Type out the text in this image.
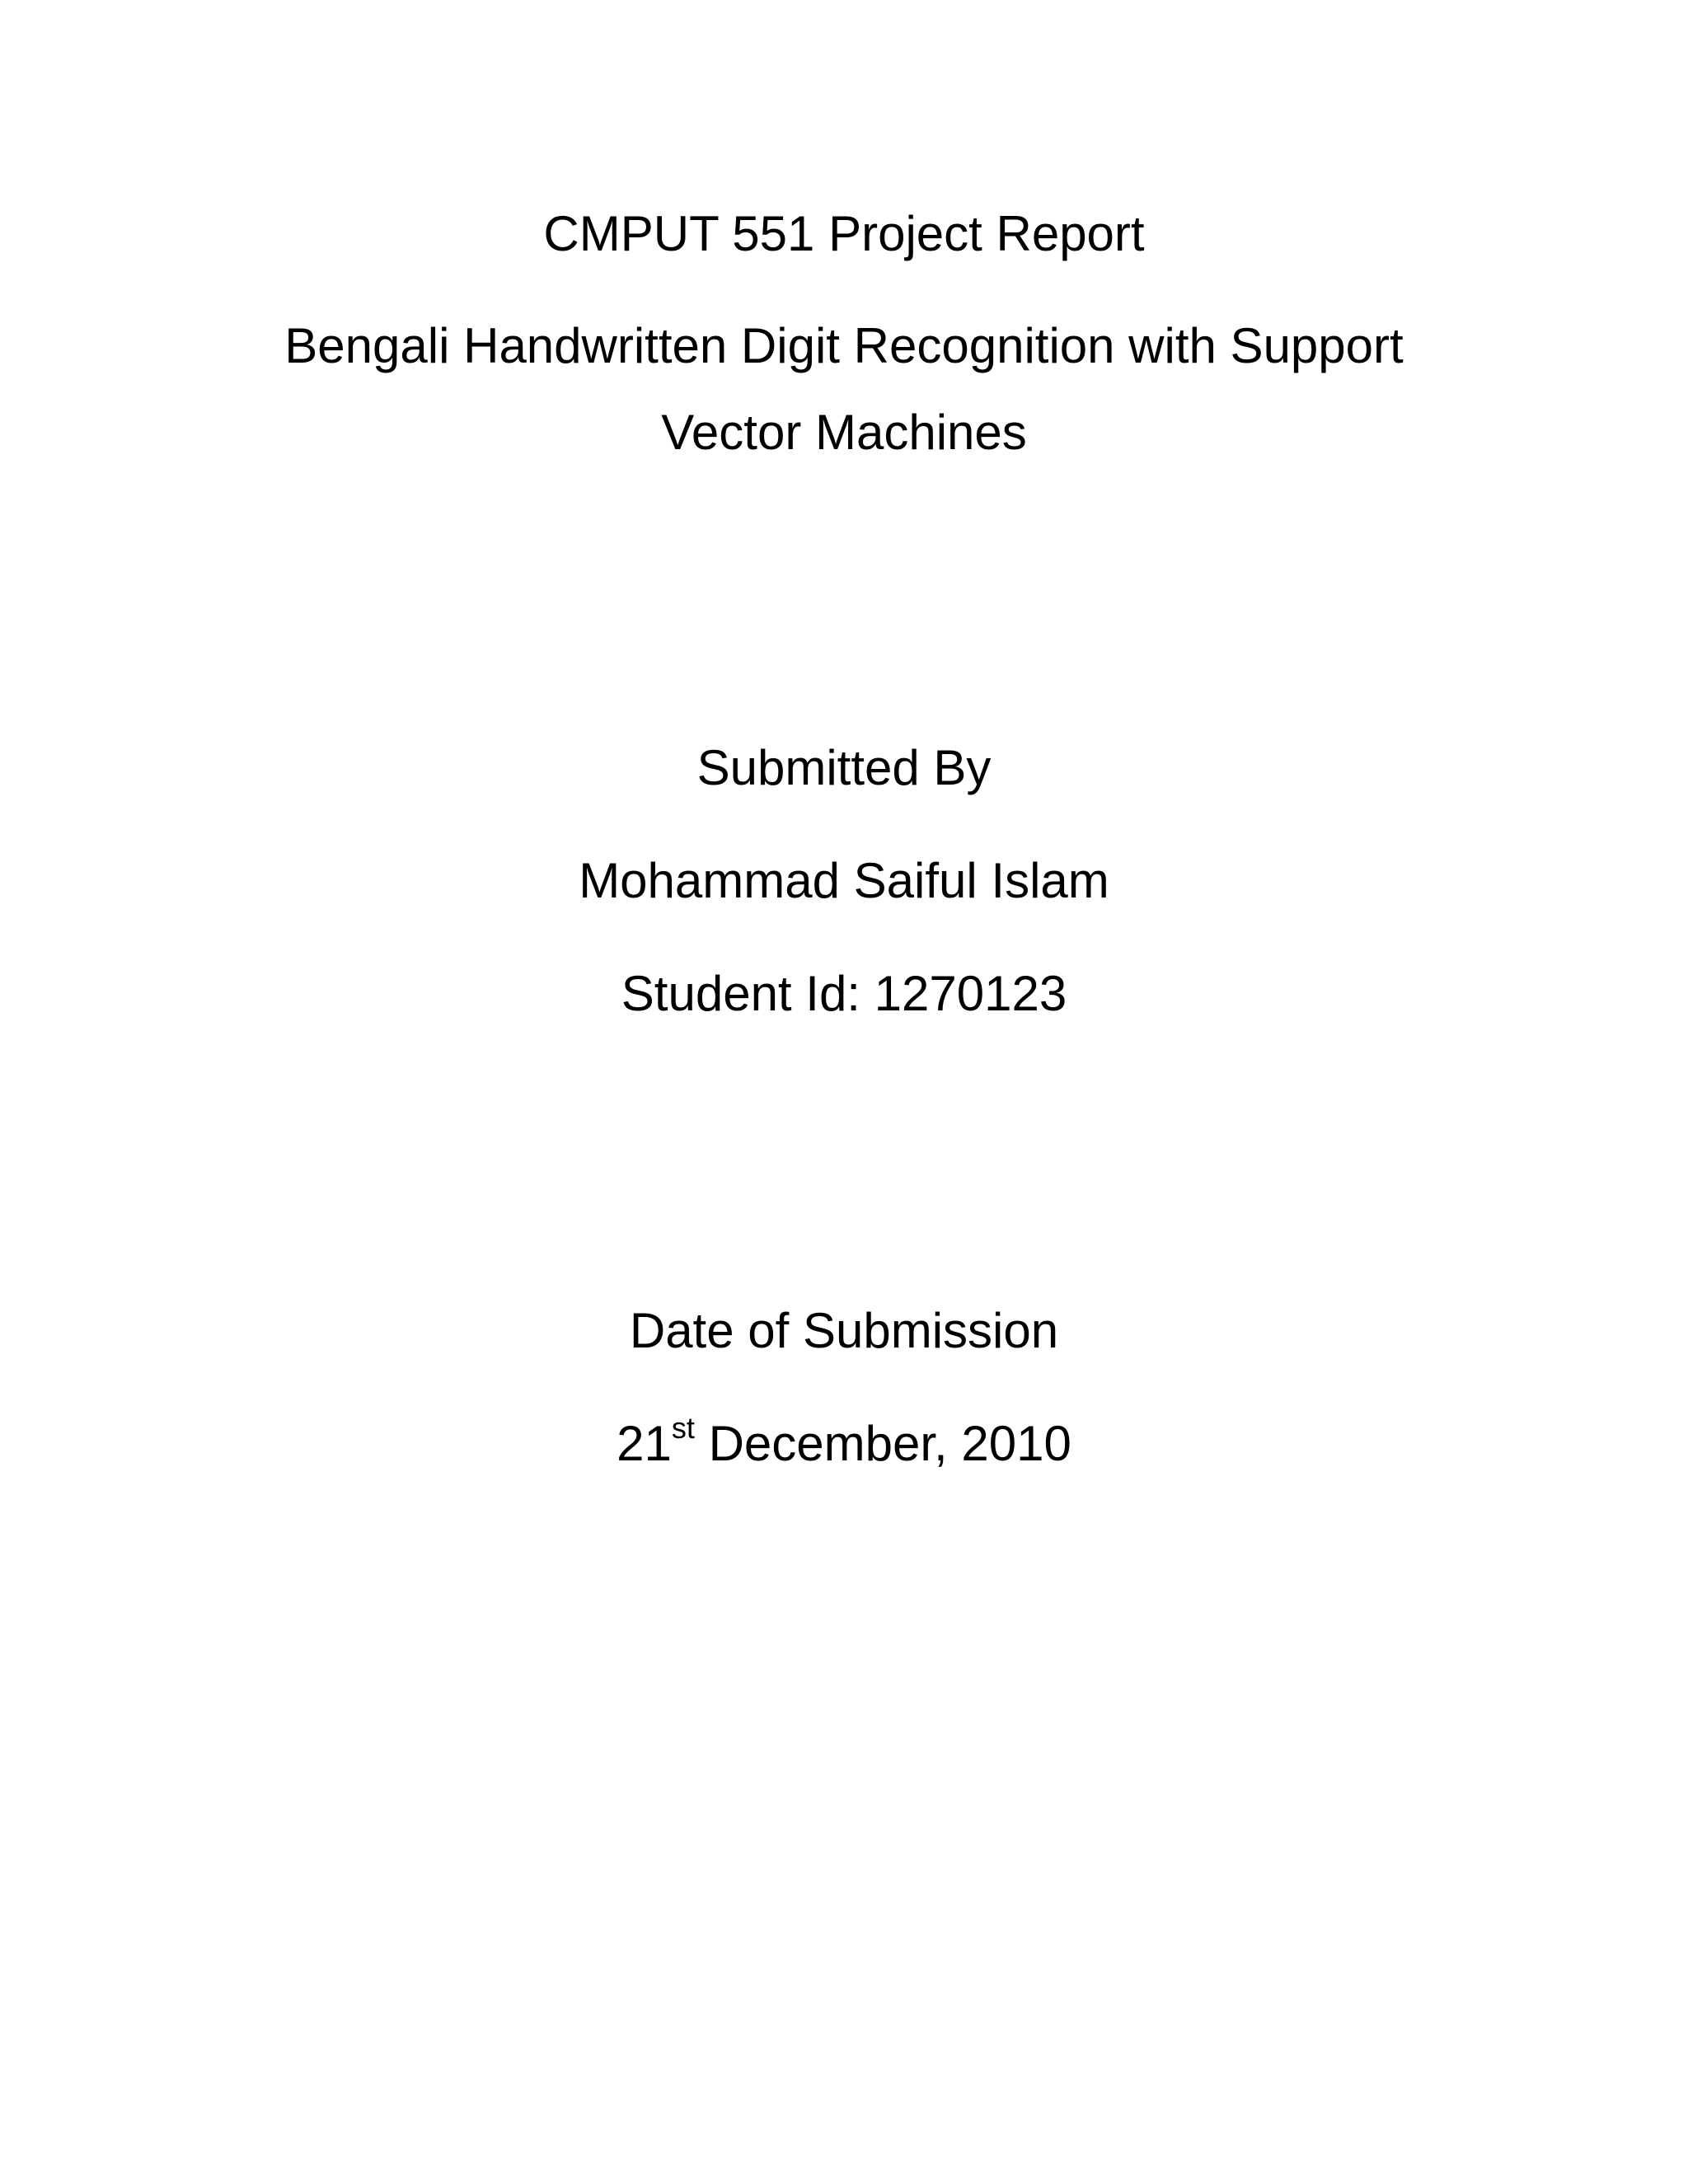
CMPUT 551 Project Report
Bengali Handwritten Digit Recognition with Support
Vector Machines
Submitted By
Mohammad Saiful Islam
Student Id: 1270123
Date of Submission
21st December, 2010
